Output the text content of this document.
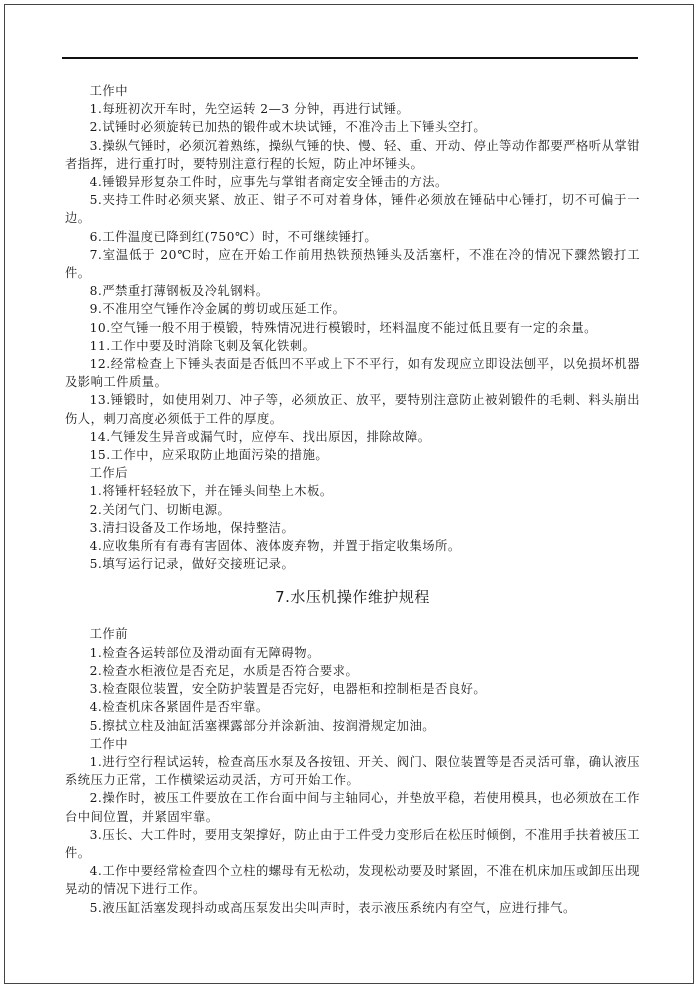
工作中

1.每班初次开车时，先空运转 2—3 分钟，再进行试锤。

2.试锤时必须旋转已加热的锻件或木块试锤，不准冷击上下锤头空打。

3.操纵气锤时，必须沉着熟练，操纵气锤的快、慢、轻、重、开动、停止等动作都要严格听从掌钳者指挥，进行重打时，要特别注意行程的长短，防止冲坏锤头。

4.锤锻异形复杂工件时，应事先与掌钳者商定安全锤击的方法。

5.夹持工件时必须夹紧、放正、钳子不可对着身体，锤件必须放在锤砧中心锤打，切不可偏于一边。

6.工件温度已降到红(750℃）时，不可继续锤打。

7.室温低于 20℃时，应在开始工作前用热铁预热锤头及活塞杆，不准在冷的情况下骤然锻打工件。

8.严禁重打薄钢板及冷轧钢料。

9.不准用空气锤作冷金属的剪切或压延工作。

10.空气锤一般不用于模锻，特殊情况进行模锻时，坯料温度不能过低且要有一定的余量。

11.工作中要及时消除飞刺及氧化铁刺。

12.经常检查上下锤头表面是否低凹不平或上下不平行，如有发现应立即设法刨平，以免损坏机器及影响工件质量。

13.锤锻时，如使用剁刀、冲子等，必须放正、放平，要特别注意防止被剁锻件的毛刺、料头崩出伤人，刺刀高度必须低于工件的厚度。

14.气锤发生异音或漏气时，应停车、找出原因，排除故障。

15.工作中，应采取防止地面污染的措施。

工作后

1.将锤杆轻轻放下，并在锤头间垫上木板。

2.关闭气门、切断电源。

3.清扫设备及工作场地，保持整洁。

4.应收集所有有毒有害固体、液体废弃物，并置于指定收集场所。

5.填写运行记录，做好交接班记录。

7.水压机操作维护规程

工作前

1.检查各运转部位及滑动面有无障碍物。

2.检查水柜液位是否充足，水质是否符合要求。

3.检查限位装置，安全防护装置是否完好，电器柜和控制柜是否良好。

4.检查机床各紧固件是否牢靠。

5.擦拭立柱及油缸活塞裸露部分并涂新油、按润滑规定加油。

工作中

1.进行空行程试运转，检查高压水泵及各按钮、开关、阀门、限位装置等是否灵活可靠，确认液压系统压力正常，工作横梁运动灵活，方可开始工作。

2.操作时，被压工件要放在工作台面中间与主轴同心，并垫放平稳，若使用模具，也必须放在工作台中间位置，并紧固牢靠。

3.压长、大工件时，要用支架撑好，防止由于工件受力变形后在松压时倾倒，不准用手扶着被压工件。

4.工作中要经常检查四个立柱的螺母有无松动，发现松动要及时紧固，不准在机床加压或卸压出现晃动的情况下进行工作。

5.液压缸活塞发现抖动或高压泵发出尖叫声时，表示液压系统内有空气，应进行排气。
